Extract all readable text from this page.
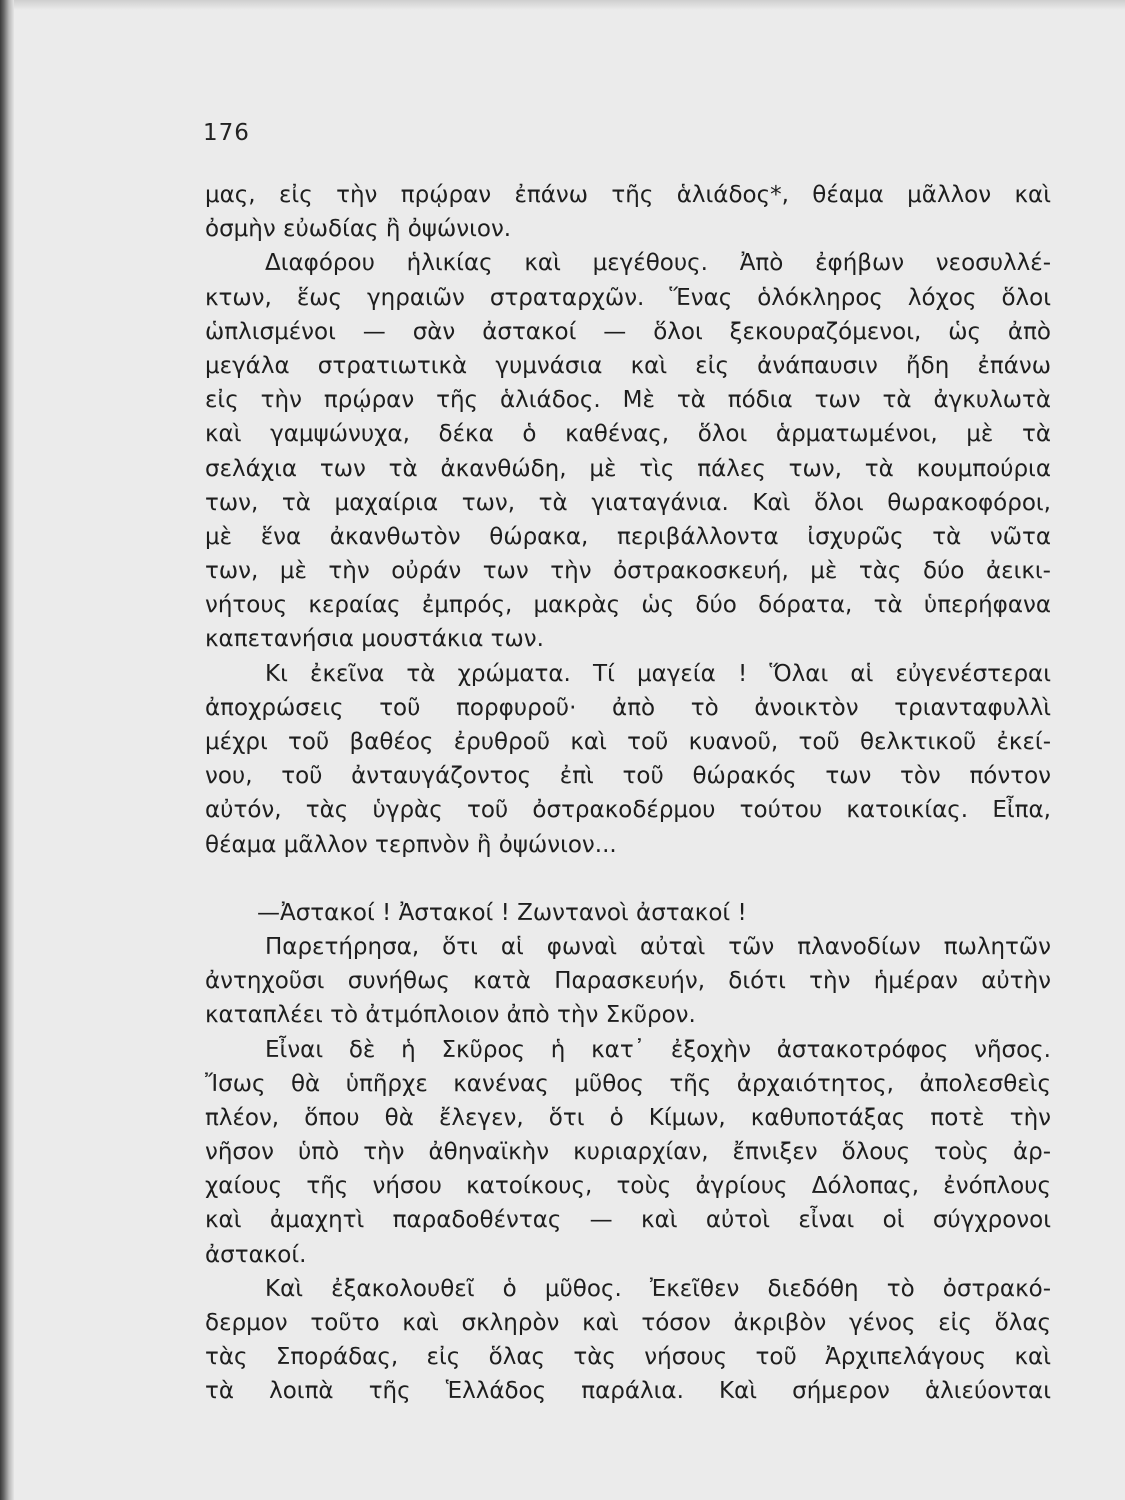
176
μας, εἰς τὴν πρῴραν ἐπάνω τῆς ἁλιάδος*, θέαμα μᾶλλον καὶ
ὀσμὴν εὐωδίας ἢ ὀψώνιον.
Διαφόρου ἡλικίας καὶ μεγέθους. Ἀπὸ ἐφήβων νεοσυλλέ-
κτων, ἕως γηραιῶν στραταρχῶν. Ἕνας ὁλόκληρος λόχος ὅλοι
ὡπλισμένοι — σὰν ἀστακοί — ὅλοι ξεκουραζόμενοι, ὡς ἀπὸ
μεγάλα στρατιωτικὰ γυμνάσια καὶ εἰς ἀνάπαυσιν ἤδη ἐπάνω
εἰς τὴν πρῴραν τῆς ἁλιάδος. Μὲ τὰ πόδια των τὰ ἀγκυλωτὰ
καὶ γαμψώνυχα, δέκα ὁ καθένας, ὅλοι ἁρματωμένοι, μὲ τὰ
σελάχια των τὰ ἀκανθώδη, μὲ τὶς πάλες των, τὰ κουμπούρια
των, τὰ μαχαίρια των, τὰ γιαταγάνια. Καὶ ὅλοι θωρακοφόροι,
μὲ ἕνα ἀκανθωτὸν θώρακα, περιβάλλοντα ἰσχυρῶς τὰ νῶτα
των, μὲ τὴν οὐράν των τὴν ὀστρακοσκευή, μὲ τὰς δύο ἀεικι-
νήτους κεραίας ἐμπρός, μακρὰς ὡς δύο δόρατα, τὰ ὑπερήφανα
καπετανήσια μουστάκια των.
Κι ἐκεῖνα τὰ χρώματα. Τί μαγεία ! Ὅλαι αἱ εὐγενέστεραι
ἀποχρώσεις τοῦ πορφυροῦ· ἀπὸ τὸ ἀνοικτὸν τριανταφυλλὶ
μέχρι τοῦ βαθέος ἐρυθροῦ καὶ τοῦ κυανοῦ, τοῦ θελκτικοῦ ἐκεί-
νου, τοῦ ἀνταυγάζοντος ἐπὶ τοῦ θώρακός των τὸν πόντον
αὐτόν, τὰς ὑγρὰς τοῦ ὀστρακοδέρμου τούτου κατοικίας. Εἶπα,
θέαμα μᾶλλον τερπνὸν ἢ ὀψώνιον...
—Ἀστακοί ! Ἀστακοί ! Ζωντανοὶ ἀστακοί !
Παρετήρησα, ὅτι αἱ φωναὶ αὐταὶ τῶν πλανοδίων πωλητῶν
ἀντηχοῦσι συνήθως κατὰ Παρασκευήν, διότι τὴν ἡμέραν αὐτὴν
καταπλέει τὸ ἀτμόπλοιον ἀπὸ τὴν Σκῦρον.
Εἶναι δὲ ἡ Σκῦρος ἡ κατ᾽ ἐξοχὴν ἀστακοτρόφος νῆσος.
Ἴσως θὰ ὑπῆρχε κανένας μῦθος τῆς ἀρχαιότητος, ἀπολεσθεὶς
πλέον, ὅπου θὰ ἔλεγεν, ὅτι ὁ Κίμων, καθυποτάξας ποτὲ τὴν
νῆσον ὑπὸ τὴν ἀθηναϊκὴν κυριαρχίαν, ἔπνιξεν ὅλους τοὺς ἀρ-
χαίους τῆς νήσου κατοίκους, τοὺς ἀγρίους Δόλοπας, ἐνόπλους
καὶ ἀμαχητὶ παραδοθέντας — καὶ αὐτοὶ εἶναι οἱ σύγχρονοι
ἀστακοί.
Καὶ ἐξακολουθεῖ ὁ μῦθος. Ἐκεῖθεν διεδόθη τὸ ὀστρακό-
δερμον τοῦτο καὶ σκληρὸν καὶ τόσον ἀκριβὸν γένος εἰς ὅλας
τὰς Σποράδας, εἰς ὅλας τὰς νήσους τοῦ Ἀρχιπελάγους καὶ
τὰ λοιπὰ τῆς Ἑλλάδος παράλια. Καὶ σήμερον ἁλιεύονται
